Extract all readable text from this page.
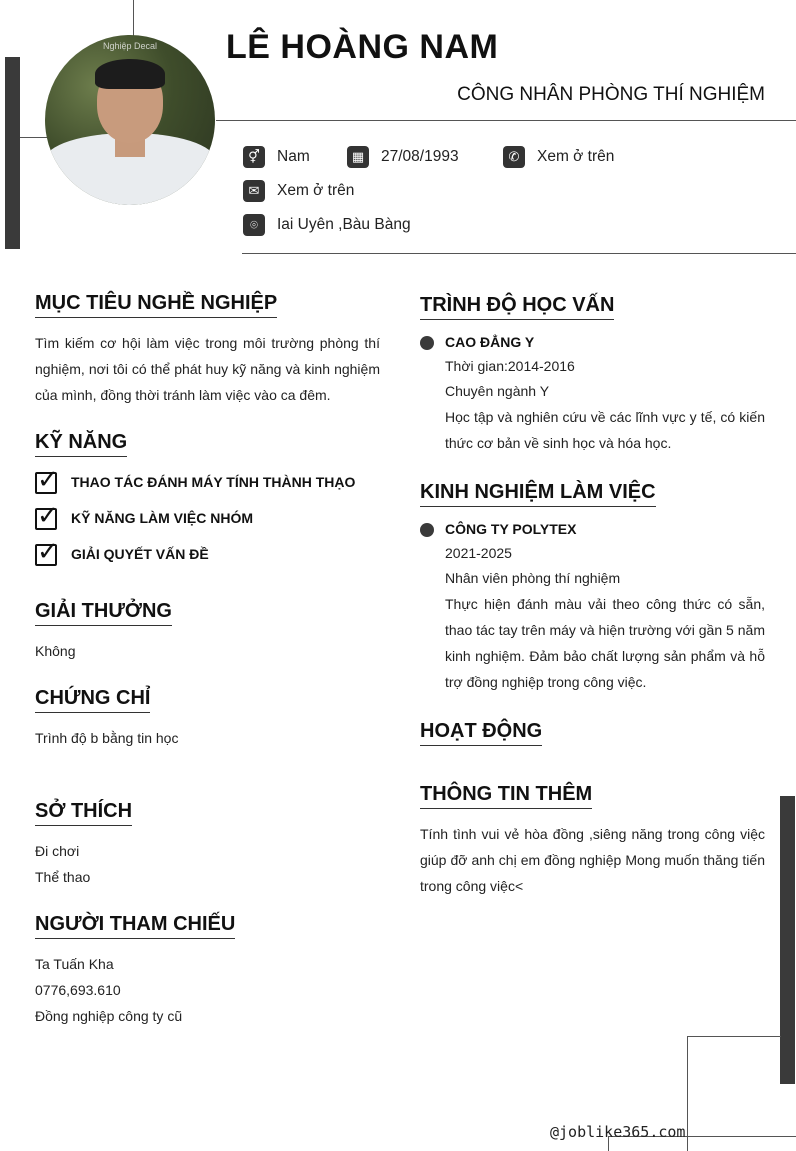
Nghiệp Decal	LÊ HOÀNG NAM
CÔNG NHÂN PHÒNG THÍ NGHIỆM
⚥	Nam	▦	27/08/1993	✆	Xem ở trên
✉	Xem ở trên
⌾	Iai Uyên ,Bàu Bàng
MỤC TIÊU NGHỀ NGHIỆP
Tìm kiếm cơ hội làm việc trong môi trường phòng thí nghiệm, nơi tôi có thể phát huy kỹ năng và kinh nghiệm của mình, đồng thời tránh làm việc vào ca đêm.
KỸ NĂNG
✓ THAO TÁC ĐÁNH MÁY TÍNH THÀNH THẠO
✓ KỸ NĂNG LÀM VIỆC NHÓM
✓ GIẢI QUYẾT VẤN ĐỀ
GIẢI THƯỞNG
Không
CHỨNG CHỈ
Trình độ b bằng tin học
SỞ THÍCH
Đi chơi
Thể thao
NGƯỜI THAM CHIẾU
Ta Tuấn Kha
0776,693.610
Đồng nghiệp công ty cũ
TRÌNH ĐỘ HỌC VẤN
CAO ĐẲNG Y
Thời gian:2014-2016
Chuyên ngành Y
Học tập và nghiên cứu về các lĩnh vực y tế, có kiến thức cơ bản về sinh học và hóa học.
KINH NGHIỆM LÀM VIỆC
CÔNG TY POLYTEX
2021-2025
Nhân viên phòng thí nghiệm
Thực hiện đánh màu vải theo công thức có sẵn, thao tác tay trên máy và hiện trường với gần 5 năm kinh nghiệm. Đảm bảo chất lượng sản phẩm và hỗ trợ đồng nghiệp trong công việc.
HOẠT ĐỘNG
THÔNG TIN THÊM
Tính tình vui vẻ hòa đồng ,siêng năng trong công việc giúp đỡ anh chị em đồng nghiệp Mong muốn thăng tiến trong công việc<
@joblike365.com
